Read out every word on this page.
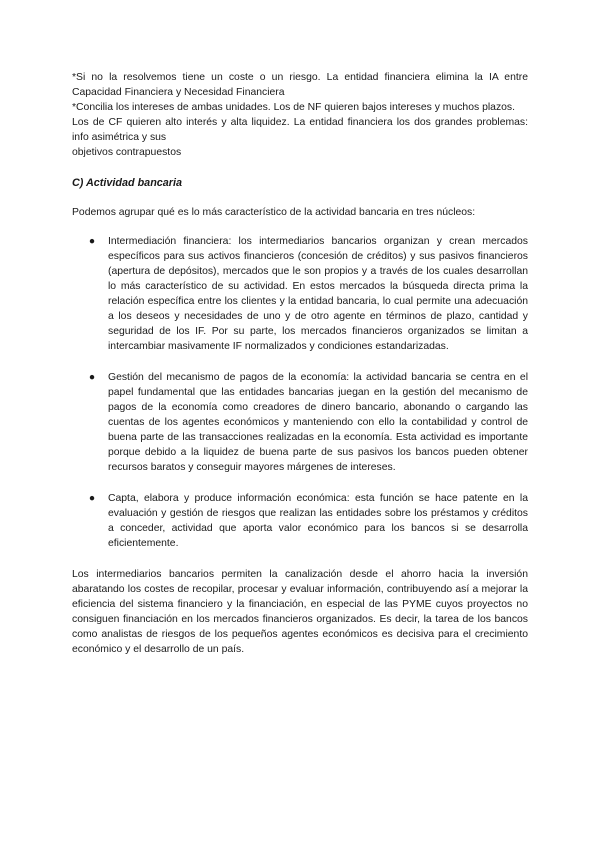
*Si no la resolvemos tiene un coste o un riesgo. La entidad financiera elimina la IA entre Capacidad Financiera y Necesidad Financiera

*Concilia los intereses de ambas unidades. Los de NF quieren bajos intereses y muchos plazos.

Los de CF quieren alto interés y alta liquidez. La entidad financiera los dos grandes problemas: info asimétrica y sus

objetivos contrapuestos

C) Actividad bancaria

Podemos agrupar qué es lo más característico de la actividad bancaria en tres núcleos:

● Intermediación financiera: los intermediarios bancarios organizan y crean mercados específicos para sus activos financieros (concesión de créditos) y sus pasivos financieros (apertura de depósitos), mercados que le son propios y a través de los cuales desarrollan lo más característico de su actividad. En estos mercados la búsqueda directa prima la relación específica entre los clientes y la entidad bancaria, lo cual permite una adecuación a los deseos y necesidades de uno y de otro agente en términos de plazo, cantidad y seguridad de los IF. Por su parte, los mercados financieros organizados se limitan a intercambiar masivamente IF normalizados y condiciones estandarizadas.
● Gestión del mecanismo de pagos de la economía: la actividad bancaria se centra en el papel fundamental que las entidades bancarias juegan en la gestión del mecanismo de pagos de la economía como creadores de dinero bancario, abonando o cargando las cuentas de los agentes económicos y manteniendo con ello la contabilidad y control de buena parte de las transacciones realizadas en la economía. Esta actividad es importante porque debido a la liquidez de buena parte de sus pasivos los bancos pueden obtener recursos baratos y conseguir mayores márgenes de intereses.
● Capta, elabora y produce información económica: esta función se hace patente en la evaluación y gestión de riesgos que realizan las entidades sobre los préstamos y créditos a conceder, actividad que aporta valor económico para los bancos si se desarrolla eficientemente.

Los intermediarios bancarios permiten la canalización desde el ahorro hacia la inversión abaratando los costes de recopilar, procesar y evaluar información, contribuyendo así a mejorar la eficiencia del sistema financiero y la financiación, en especial de las PYME cuyos proyectos no consiguen financiación en los mercados financieros organizados. Es decir, la tarea de los bancos como analistas de riesgos de los pequeños agentes económicos es decisiva para el crecimiento económico y el desarrollo de un país.
